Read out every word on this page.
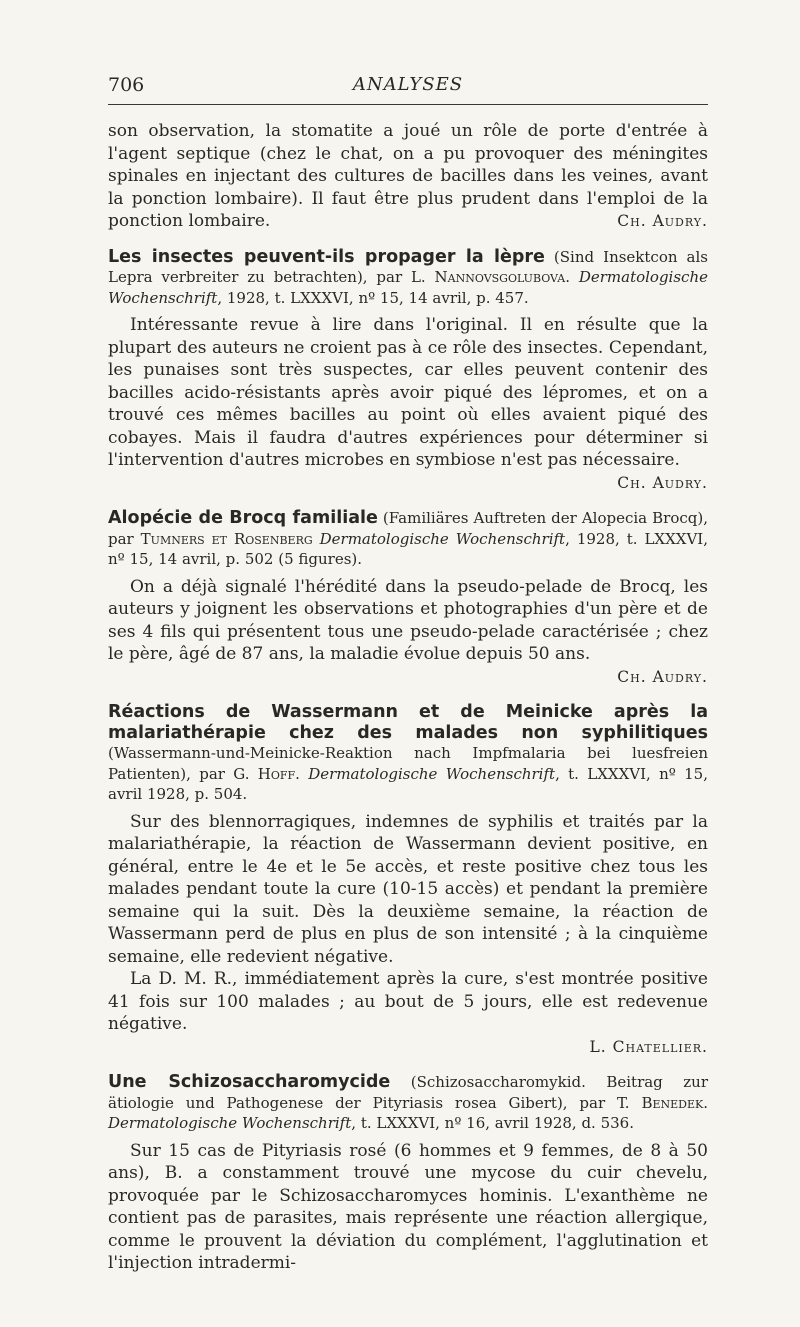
706	ANALYSES

son observation, la stomatite a joué un rôle de porte d'entrée à l'agent septique (chez le chat, on a pu provoquer des méningites spinales en injectant des cultures de bacilles dans les veines, avant la ponction lombaire). Il faut être plus prudent dans l'emploi de la ponction lombaire.	Ch. Audry.

Les insectes peuvent-ils propager la lèpre (Sind Insektcon als Lepra verbreiter zu betrachten), par L. Nannovsgolubova. Dermatologische Wochenschrift, 1928, t. LXXXVI, nº 15, 14 avril, p. 457.

Intéressante revue à lire dans l'original. Il en résulte que la plupart des auteurs ne croient pas à ce rôle des insectes. Cependant, les punaises sont très suspectes, car elles peuvent contenir des bacilles acido-résistants après avoir piqué des lépromes, et on a trouvé ces mêmes bacilles au point où elles avaient piqué des cobayes. Mais il faudra d'autres expériences pour déterminer si l'intervention d'autres microbes en symbiose n'est pas nécessaire.
Ch. Audry.

Alopécie de Brocq familiale (Familiäres Auftreten der Alopecia Brocq), par Tumners et Rosenberg Dermatologische Wochenschrift, 1928, t. LXXXVI, nº 15, 14 avril, p. 502 (5 figures).

On a déjà signalé l'hérédité dans la pseudo-pelade de Brocq, les auteurs y joignent les observations et photographies d'un père et de ses 4 fils qui présentent tous une pseudo-pelade caractérisée ; chez le père, âgé de 87 ans, la maladie évolue depuis 50 ans.

Ch. Audry.

Réactions de Wassermann et de Meinicke après la malariathérapie chez des malades non syphilitiques (Wassermann-und-Meinicke-Reaktion nach Impfmalaria bei luesfreien Patienten), par G. Hoff. Dermatologische Wochenschrift, t. LXXXVI, nº 15, avril 1928, p. 504.

Sur des blennorragiques, indemnes de syphilis et traités par la malariathérapie, la réaction de Wassermann devient positive, en général, entre le 4e et le 5e accès, et reste positive chez tous les malades pendant toute la cure (10-15 accès) et pendant la première semaine qui la suit. Dès la deuxième semaine, la réaction de Wassermann perd de plus en plus de son intensité ; à la cinquième semaine, elle redevient négative.

La D. M. R., immédiatement après la cure, s'est montrée positive 41 fois sur 100 malades ; au bout de 5 jours, elle est redevenue négative.

L. Chatellier.

Une Schizosaccharomycide (Schizosaccharomykid. Beitrag zur ätiologie und Pathogenese der Pityriasis rosea Gibert), par T. Benedek. Dermatologische Wochenschrift, t. LXXXVI, nº 16, avril 1928, d. 536.

Sur 15 cas de Pityriasis rosé (6 hommes et 9 femmes, de 8 à 50 ans), B. a constamment trouvé une mycose du cuir chevelu, provoquée par le Schizosaccharomyces hominis. L'exanthème ne contient pas de parasites, mais représente une réaction allergique, comme le prouvent la déviation du complément, l'agglutination et l'injection intradermi-
